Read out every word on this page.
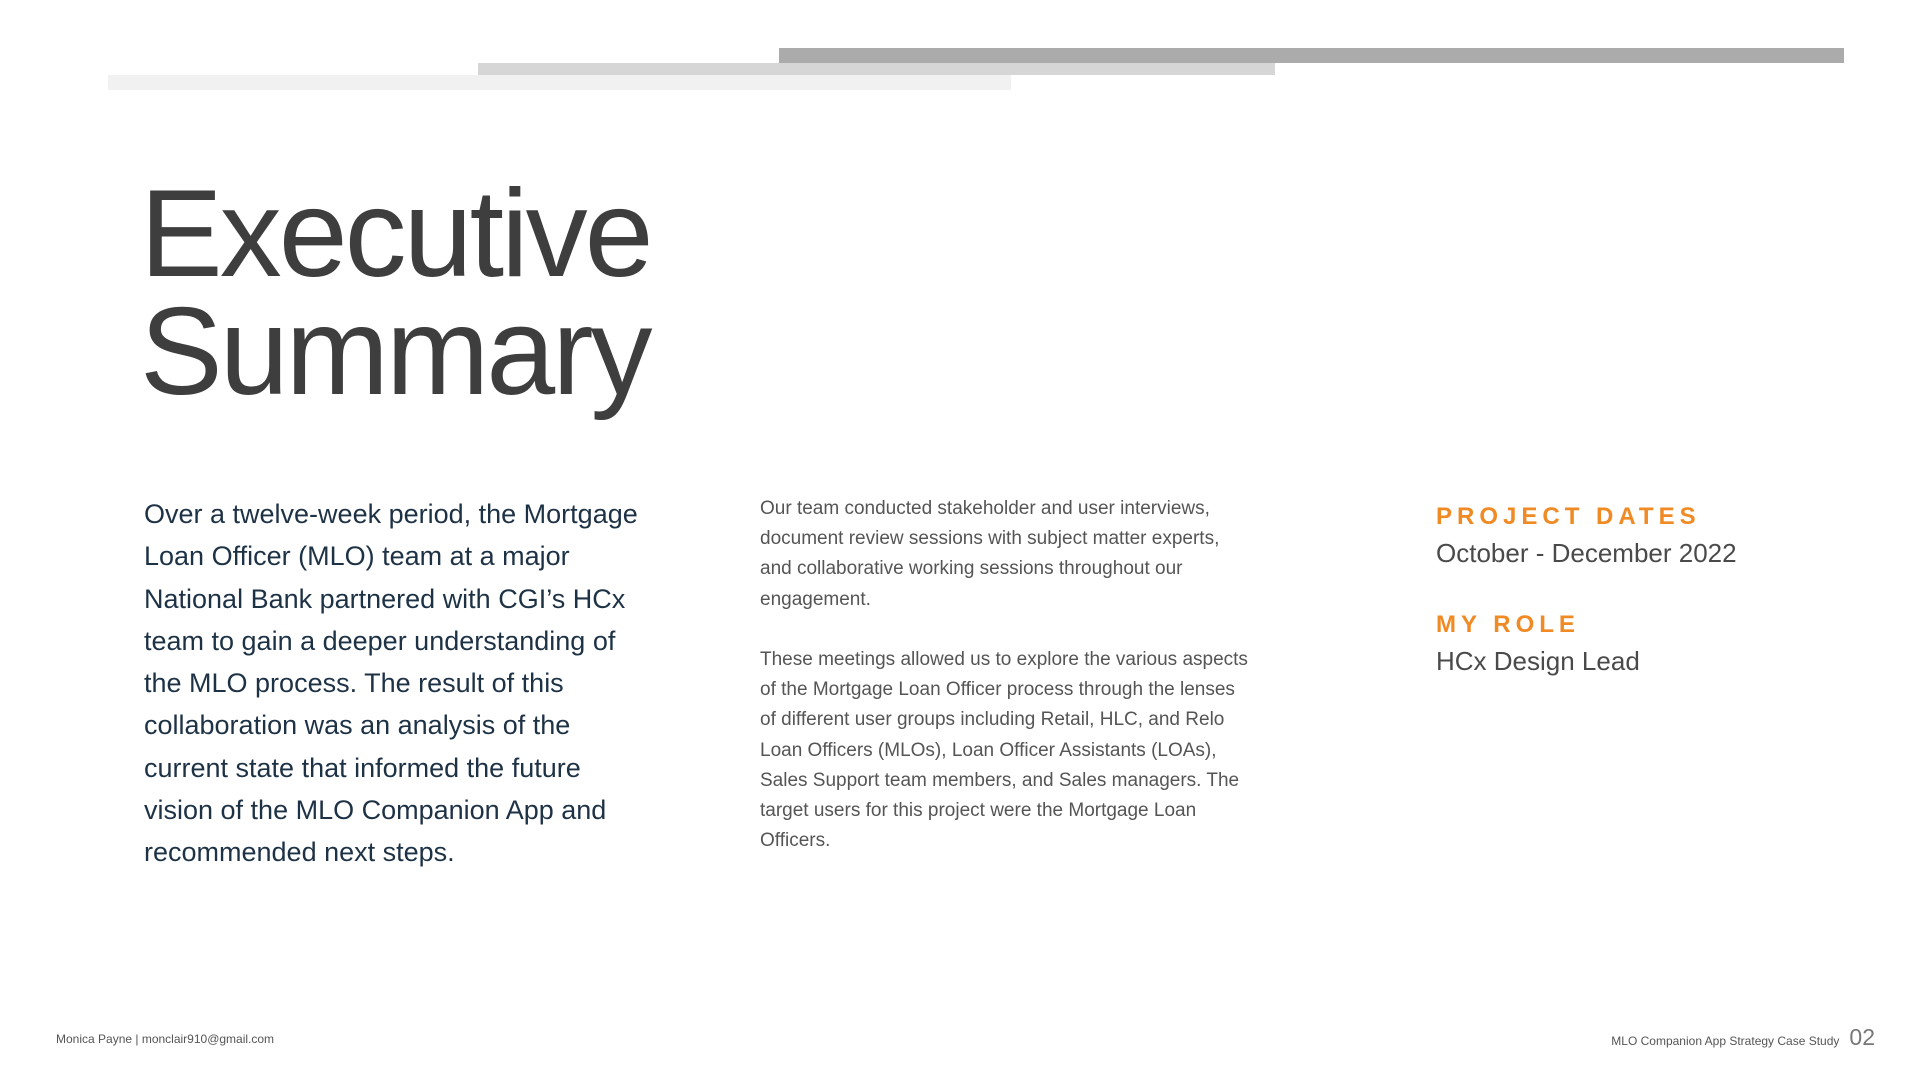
Executive
Summary

Over a twelve-week period, the Mortgage Loan Officer (MLO) team at a major National Bank partnered with CGI’s HCx team to gain a deeper understanding of the MLO process. The result of this collaboration was an analysis of the current state that informed the future vision of the MLO Companion App and recommended next steps.

Our team conducted stakeholder and user interviews, document review sessions with subject matter experts, and collaborative working sessions throughout our engagement.

These meetings allowed us to explore the various aspects of the Mortgage Loan Officer process through the lenses of different user groups including Retail, HLC, and Relo Loan Officers (MLOs), Loan Officer Assistants (LOAs), Sales Support team members, and Sales managers. The target users for this project were the Mortgage Loan Officers.

PROJECT DATES
October - December 2022
MY ROLE
HCx Design Lead
Monica Payne | monclair910@gmail.com	MLO Companion App Strategy Case Study 02
